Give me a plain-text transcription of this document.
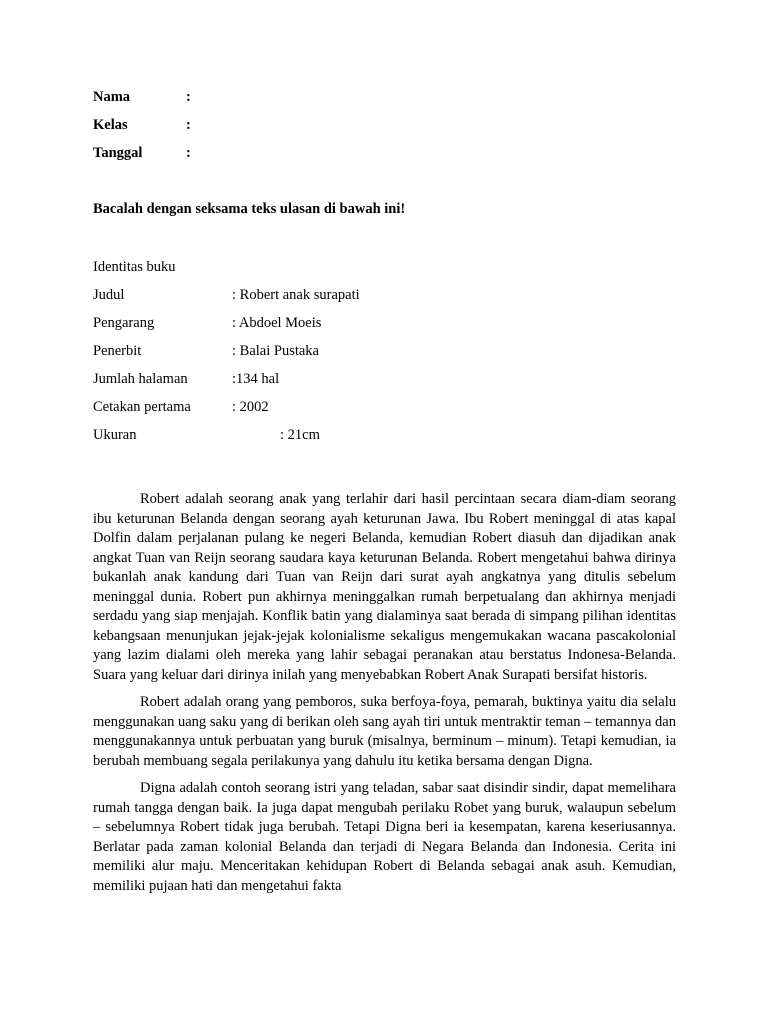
Nama	:
Kelas	:
Tanggal	:
Bacalah dengan seksama teks ulasan di bawah ini!
Identitas buku
Judul	: Robert anak surapati
Pengarang	: Abdoel Moeis
Penerbit	: Balai Pustaka
Jumlah halaman	:134 hal
Cetakan pertama	: 2002
Ukuran	: 21cm

Robert adalah seorang anak yang terlahir dari hasil percintaan secara diam-diam seorang ibu keturunan Belanda dengan seorang ayah keturunan Jawa. Ibu Robert meninggal di atas kapal Dolfin dalam perjalanan pulang ke negeri Belanda, kemudian Robert diasuh dan dijadikan anak angkat Tuan van Reijn seorang saudara kaya keturunan Belanda. Robert mengetahui bahwa dirinya bukanlah anak kandung dari Tuan van Reijn dari surat ayah angkatnya yang ditulis sebelum meninggal dunia. Robert pun akhirnya meninggalkan rumah berpetualang dan akhirnya menjadi serdadu yang siap menjajah. Konflik batin yang dialaminya saat berada di simpang pilihan identitas kebangsaan menunjukan jejak-jejak kolonialisme sekaligus mengemukakan wacana pascakolonial yang lazim dialami oleh mereka yang lahir sebagai peranakan atau berstatus Indonesa-Belanda. Suara yang keluar dari dirinya inilah yang menyebabkan Robert Anak Surapati bersifat historis.

Robert adalah orang yang pemboros, suka berfoya-foya, pemarah, buktinya yaitu dia selalu menggunakan uang saku yang di berikan oleh sang ayah tiri untuk mentraktir teman – temannya dan menggunakannya untuk perbuatan yang buruk (misalnya, berminum – minum). Tetapi kemudian, ia berubah membuang segala perilakunya yang dahulu itu ketika bersama dengan Digna.

Digna adalah contoh seorang istri yang teladan, sabar saat disindir sindir, dapat memelihara rumah tangga dengan baik. Ia juga dapat mengubah perilaku Robet yang buruk, walaupun sebelum – sebelumnya Robert tidak juga berubah. Tetapi Digna beri ia kesempatan, karena keseriusannya. Berlatar pada zaman kolonial Belanda dan terjadi di Negara Belanda dan Indonesia. Cerita ini memiliki alur maju. Menceritakan kehidupan Robert di Belanda sebagai anak asuh. Kemudian, memiliki pujaan hati dan mengetahui fakta
